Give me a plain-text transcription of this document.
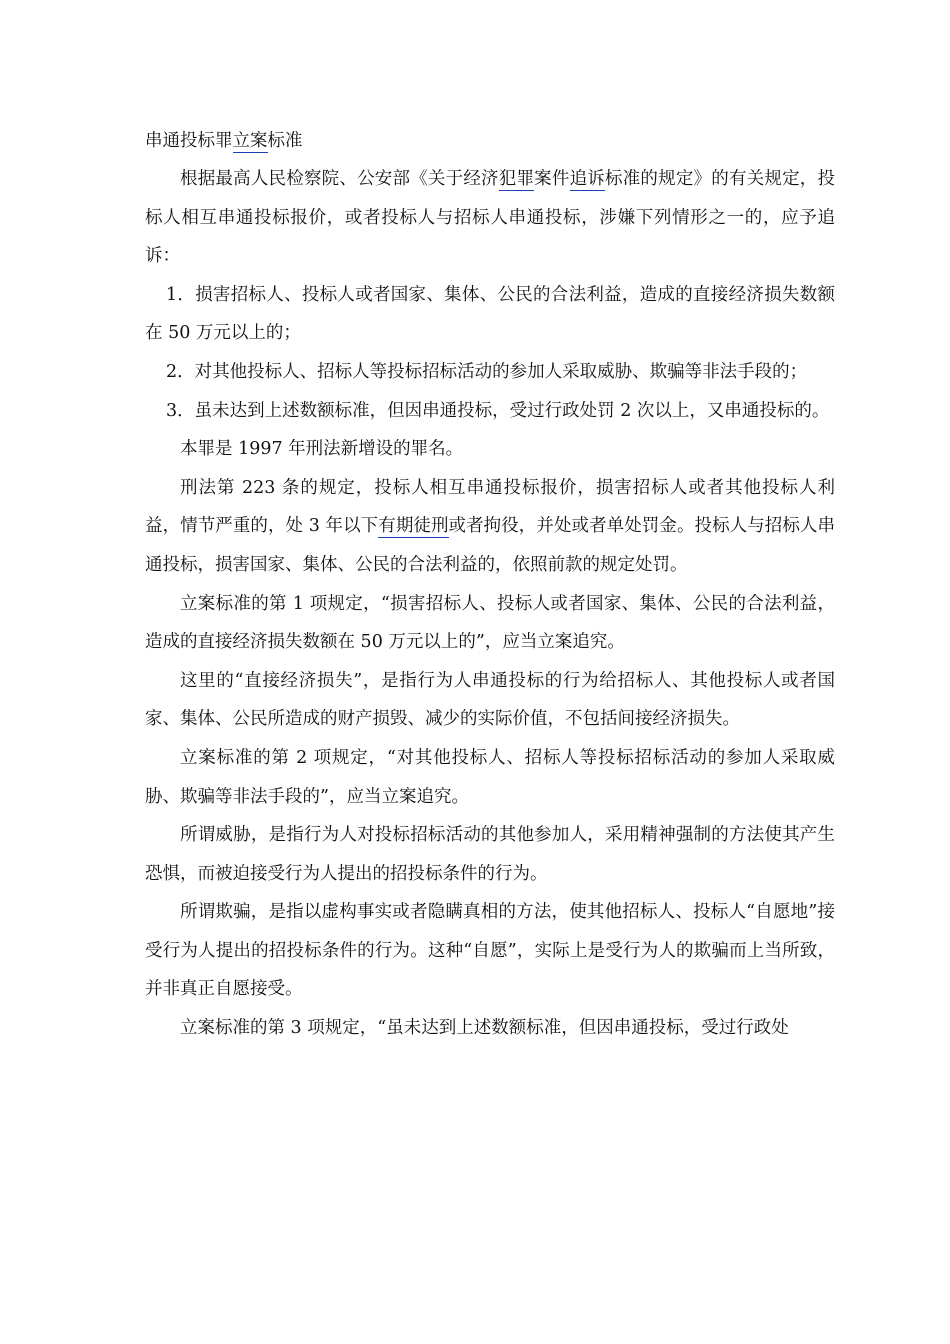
串通投标罪立案标准

根据最高人民检察院、公安部《关于经济犯罪案件追诉标准的规定》的有关规定，投标人相互串通投标报价，或者投标人与招标人串通投标，涉嫌下列情形之一的，应予追诉：

1．损害招标人、投标人或者国家、集体、公民的合法利益，造成的直接经济损失数额在 50 万元以上的；

2．对其他投标人、招标人等投标招标活动的参加人采取威胁、欺骗等非法手段的；

3．虽未达到上述数额标准，但因串通投标，受过行政处罚 2 次以上，又串通投标的。

本罪是 1997 年刑法新增设的罪名。

刑法第 223 条的规定，投标人相互串通投标报价，损害招标人或者其他投标人利益，情节严重的，处 3 年以下有期徒刑或者拘役，并处或者单处罚金。投标人与招标人串通投标，损害国家、集体、公民的合法利益的，依照前款的规定处罚。

立案标准的第 1 项规定，“损害招标人、投标人或者国家、集体、公民的合法利益，造成的直接经济损失数额在 50 万元以上的”，应当立案追究。

这里的“直接经济损失”，是指行为人串通投标的行为给招标人、其他投标人或者国家、集体、公民所造成的财产损毁、减少的实际价值，不包括间接经济损失。

立案标准的第 2 项规定，“对其他投标人、招标人等投标招标活动的参加人采取威胁、欺骗等非法手段的”，应当立案追究。

所谓威胁，是指行为人对投标招标活动的其他参加人，采用精神强制的方法使其产生恐惧，而被迫接受行为人提出的招投标条件的行为。

所谓欺骗，是指以虚构事实或者隐瞒真相的方法，使其他招标人、投标人“自愿地”接受行为人提出的招投标条件的行为。这种“自愿”，实际上是受行为人的欺骗而上当所致，并非真正自愿接受。

立案标准的第 3 项规定，“虽未达到上述数额标准，但因串通投标，受过行政处
